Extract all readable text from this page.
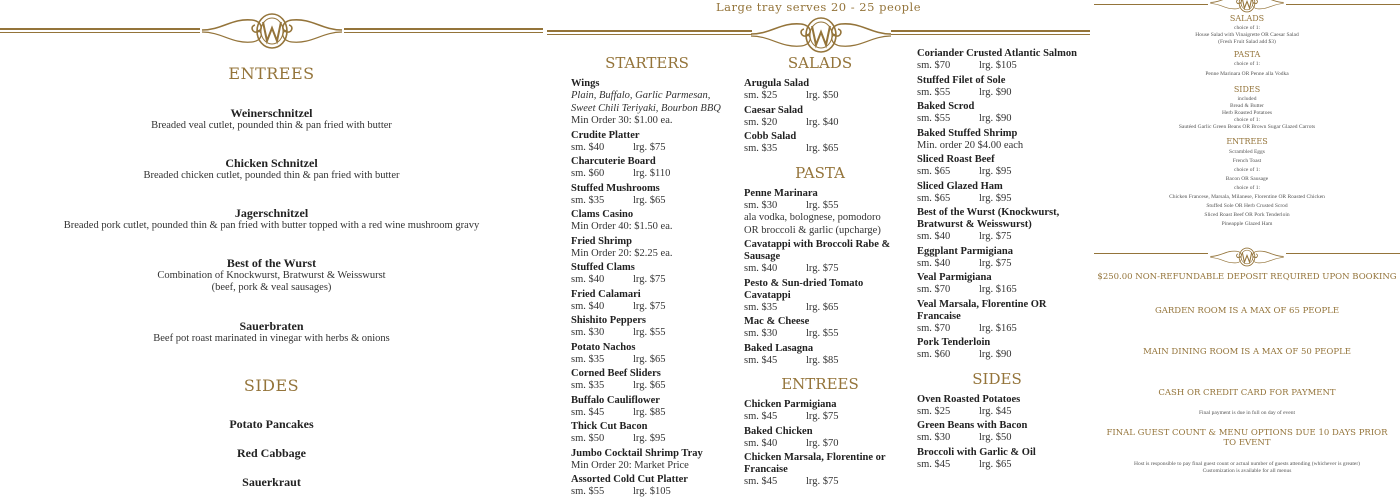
ENTREES
Weinerschnitzel
Breaded veal cutlet, pounded thin & pan fried with butter
Chicken Schnitzel
Breaded chicken cutlet, pounded thin & pan fried with butter
Jagerschnitzel
Breaded pork cutlet, pounded thin & pan fried with butter topped with a red wine mushroom gravy
Best of the Wurst
Combination of Knockwurst, Bratwurst & Weisswurst
(beef, pork & veal sausages)
Sauerbraten
Beef pot roast marinated in vinegar with herbs & onions
SIDES
Potato Pancakes
Red Cabbage
Sauerkraut
Large tray serves 20 - 25 people
STARTERS
Wings
Plain, Buffalo, Garlic Parmesan, Sweet Chili Teriyaki, Bourbon BBQ
Min Order 30: $1.00 ea.
Crudite Platter
sm. $40	lrg. $75
Charcuterie Board
sm. $60	lrg. $110
Stuffed Mushrooms
sm. $35	lrg. $65
Clams Casino
Min Order 40: $1.50 ea.
Fried Shrimp
Min Order 20: $2.25 ea.
Stuffed Clams
sm. $40	lrg. $75
Fried Calamari
sm. $40	lrg. $75
Shishito Peppers
sm. $30	lrg. $55
Potato Nachos
sm. $35	lrg. $65
Corned Beef Sliders
sm. $35	lrg. $65
Buffalo Cauliflower
sm. $45	lrg. $85
Thick Cut Bacon
sm. $50	lrg. $95
Jumbo Cocktail Shrimp Tray
Min Order 20: Market Price
Assorted Cold Cut Platter
sm. $55	lrg. $105
SALADS
Arugula Salad
sm. $25	lrg. $50
Caesar Salad
sm. $20	lrg. $40
Cobb Salad
sm. $35	lrg. $65
PASTA
Penne Marinara
sm. $30	lrg. $55
ala vodka, bolognese, pomodoro OR broccoli & garlic (upcharge)
Cavatappi with Broccoli Rabe & Sausage
sm. $40	lrg. $75
Pesto & Sun-dried Tomato Cavatappi
sm. $35	lrg. $65
Mac & Cheese
sm. $30	lrg. $55
Baked Lasagna
sm. $45	lrg. $85
ENTREES
Chicken Parmigiana
sm. $45	lrg. $75
Baked Chicken
sm. $40	lrg. $70
Chicken Marsala, Florentine or Francaise
sm. $45	lrg. $75
Coriander Crusted Atlantic Salmon
sm. $70	lrg. $105
Stuffed Filet of Sole
sm. $55	lrg. $90
Baked Scrod
sm. $55	lrg. $90
Baked Stuffed Shrimp
Min. order 20 $4.00 each
Sliced Roast Beef
sm. $65	lrg. $95
Sliced Glazed Ham
sm. $65	lrg. $95
Best of the Wurst (Knockwurst, Bratwurst & Weisswurst)
sm. $40	lrg. $75
Eggplant Parmigiana
sm. $40	lrg. $75
Veal Parmigiana
sm. $70	lrg. $165
Veal Marsala, Florentine OR Francaise
sm. $70	lrg. $165
Pork Tenderloin
sm. $60	lrg. $90
SIDES
Oven Roasted Potatoes
sm. $25	lrg. $45
Green Beans with Bacon
sm. $30	lrg. $50
Broccoli with Garlic & Oil
sm. $45	lrg. $65
SALADS
choice of 1:
House Salad with Vinaigrette OR Caesar Salad
(Fresh Fruit Salad add $3)
PASTA
choice of 1:
Penne Marinara OR Penne alla Vodka
SIDES
included
Bread & Butter
Herb Roasted Potatoes
choice of 1:
Sautéed Garlic Green Beans OR Brown Sugar Glazed Carrots
ENTREES
Scrambled Eggs
French Toast
choice of 1:
Bacon OR Sausage
choice of 1:
Chicken Francese, Marsala, Milanese, Florentine OR Roasted Chicken
Stuffed Sole OR Herb Crusted Scrod
Sliced Roast Beef OR Pork Tenderloin
Pineapple Glazed Ham
$250.00 NON-REFUNDABLE DEPOSIT REQUIRED UPON BOOKING
GARDEN ROOM IS A MAX OF 65 PEOPLE
MAIN DINING ROOM IS A MAX OF 50 PEOPLE
CASH OR CREDIT CARD FOR PAYMENT
Final payment is due in full on day of event
FINAL GUEST COUNT & MENU OPTIONS DUE 10 DAYS PRIOR TO EVENT
Host is responsible to pay final guest count or actual number of guests attending (whichever is greater)
Customization is available for all menus
